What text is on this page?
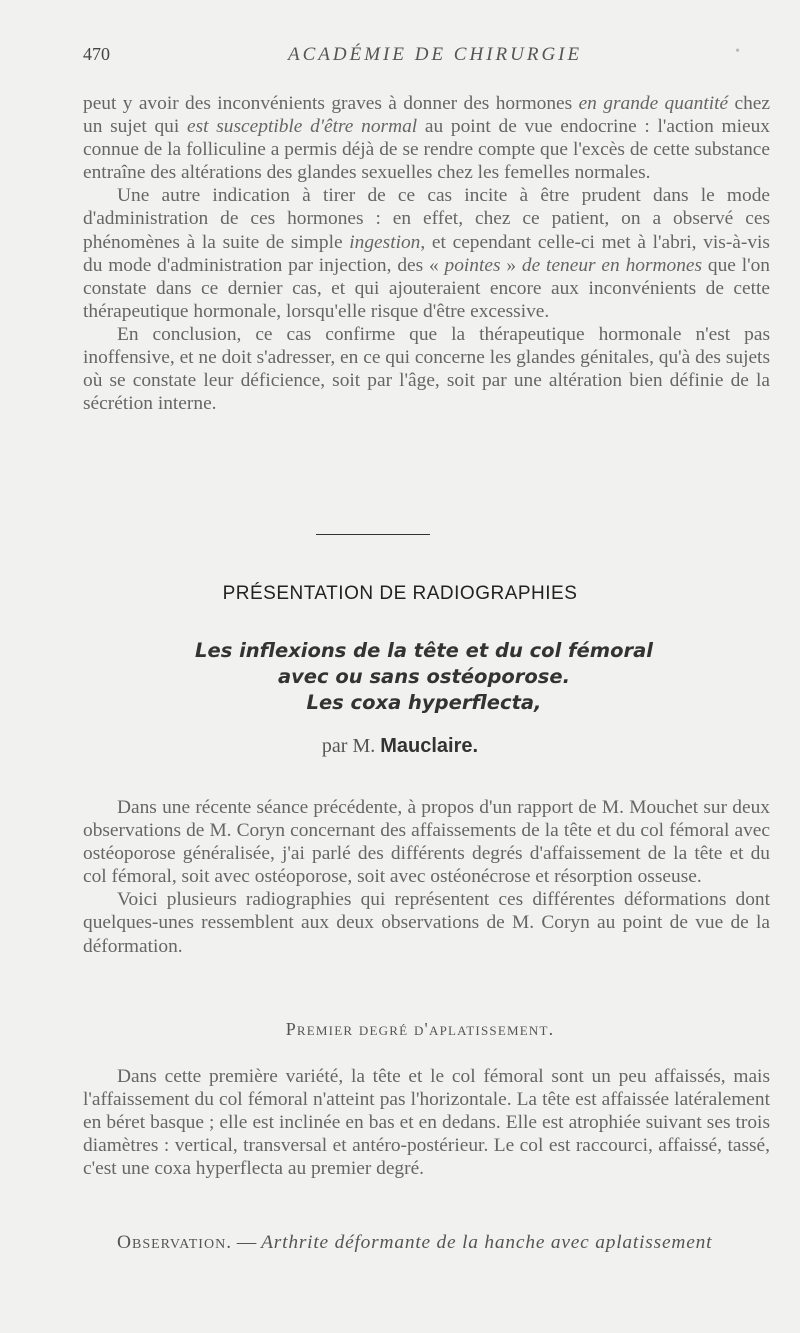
470	ACADÉMIE DE CHIRURGIE	•

peut y avoir des inconvénients graves à donner des hormones en grande quantité chez un sujet qui est susceptible d'être normal au point de vue endocrine : l'action mieux connue de la folliculine a permis déjà de se rendre compte que l'excès de cette substance entraîne des altérations des glandes sexuelles chez les femelles normales.

Une autre indication à tirer de ce cas incite à être prudent dans le mode d'administration de ces hormones : en effet, chez ce patient, on a observé ces phénomènes à la suite de simple ingestion, et cependant celle-ci met à l'abri, vis-à-vis du mode d'administration par injection, des « pointes » de teneur en hormones que l'on constate dans ce dernier cas, et qui ajouteraient encore aux inconvénients de cette thérapeutique hormonale, lorsqu'elle risque d'être excessive.

En conclusion, ce cas confirme que la thérapeutique hormonale n'est pas inoffensive, et ne doit s'adresser, en ce qui concerne les glandes génitales, qu'à des sujets où se constate leur déficience, soit par l'âge, soit par une altération bien définie de la sécrétion interne.

PRÉSENTATION DE RADIOGRAPHIES
Les inflexions de la tête et du col fémoral
avec ou sans ostéoporose.
Les coxa hyperflecta,
par M. Mauclaire.

Dans une récente séance précédente, à propos d'un rapport de M. Mouchet sur deux observations de M. Coryn concernant des affaissements de la tête et du col fémoral avec ostéoporose généralisée, j'ai parlé des différents degrés d'affaissement de la tête et du col fémoral, soit avec ostéoporose, soit avec ostéonécrose et résorption osseuse.

Voici plusieurs radiographies qui représentent ces différentes déformations dont quelques-unes ressemblent aux deux observations de M. Coryn au point de vue de la déformation.

Premier degré d'aplatissement.

Dans cette première variété, la tête et le col fémoral sont un peu affaissés, mais l'affaissement du col fémoral n'atteint pas l'horizontale. La tête est affaissée latéralement en béret basque ; elle est inclinée en bas et en dedans. Elle est atrophiée suivant ses trois diamètres : vertical, transversal et antéro-postérieur. Le col est raccourci, affaissé, tassé, c'est une coxa hyperflecta au premier degré.

Observation. — Arthrite déformante de la hanche avec aplatissement
